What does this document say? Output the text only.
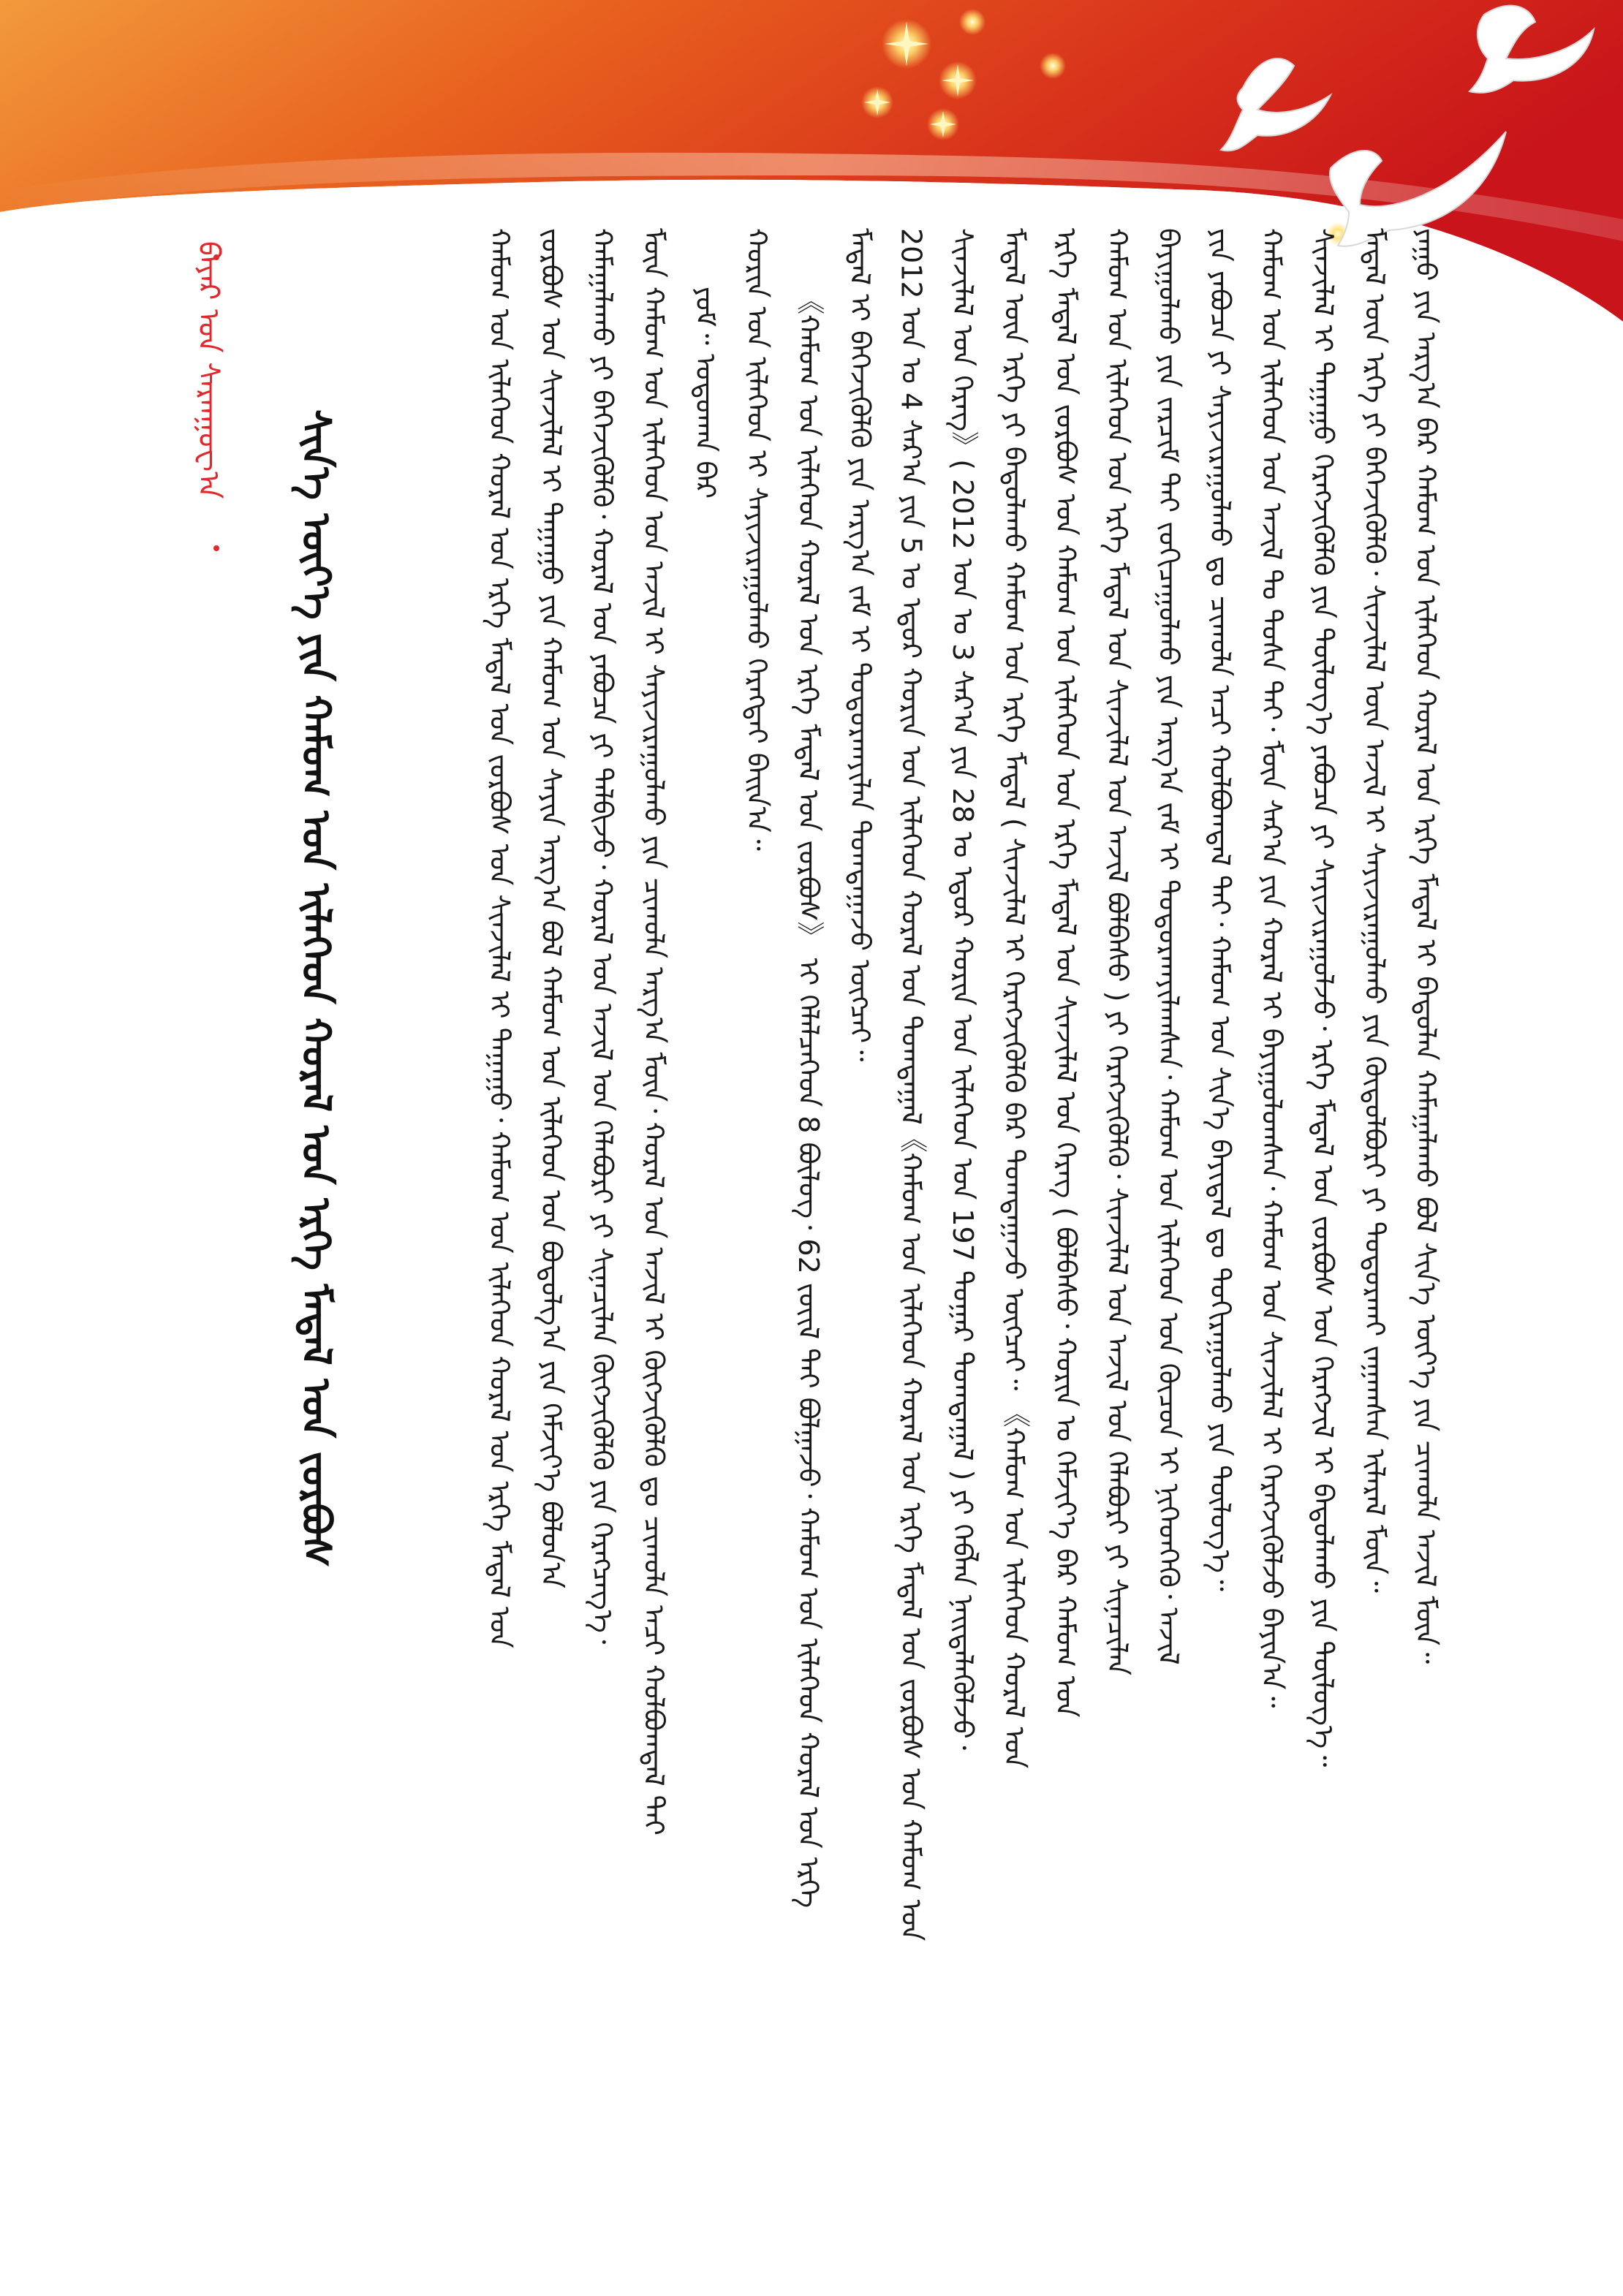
ᠬᠠᠮᠤᠭ ᠤᠨ ᠢᠯᠡᠬᠡᠳ ᠬᠤᠷᠠᠯ ᠤᠨ ᠡᠷᠬᠡ ᠮᠡᠳᠡᠯ ᠤᠨ ᠵᠤᠷᠪᠤᠰ ᠤᠨ ᠰᠢᠨᠵᠢᠯᠡᠯ ᠢ ᠳᠠᠭᠠᠭᠤ᠂ ᠬᠠᠮᠤᠭ ᠤᠨ ᠢᠯᠡᠬᠡᠳ ᠬᠤᠷᠠᠯ ᠤᠨ ᠡᠷᠬᠡ ᠮᠡᠳᠡᠯ ᠤᠨ ᠵᠤᠷᠪᠤᠰ ᠤᠨ ᠰᠢᠨᠵᠢᠯᠡᠯ ᠢ ᠳᠠᠭᠠᠭᠤ ᠶᠢᠨ ᠬᠠᠮᠤᠭ ᠤᠨ ᠰᠠᠶᠢᠨ ᠠᠷᠭ᠎ᠠ ᠪᠣᠯ ᠬᠠᠮᠤᠭ ᠤᠨ ᠢᠯᠡᠬᠡᠳ ᠤᠨ ᠪᠣᠳᠣᠯᠭ᠎ᠠ ᠶᠢᠨ ᠬᠡᠮᠵᠢᠶ᠎ᠡ ᠪᠣᠯᠤᠨ᠎ᠠ ᠬᠠᠮᠠᠭᠠᠯᠠᠬᠤ ᠶᠢ ᠪᠡᠬᠡᠵᠢᠭᠦᠯᠬᠦ᠂ ᠬᠤᠷᠠᠯ ᠤᠨ ᠶᠠᠪᠤᠴᠠ ᠶᠢ ᠲᠠᠯᠪᠢᠵᠤ᠂ ᠬᠤᠷᠠᠯ ᠤᠨ ᠠᠵᠢᠯ ᠤᠨ ᠬᠡᠯᠡᠪᠦᠷᠢ ᠶᠢ ᠰᠢᠨᠡᠴᠢᠯᠡᠨ ᠬᠦᠭᠵᠢᠭᠦᠯᠬᠦ ᠶᠢᠨ ᠬᠡᠷᠡᠭᠴᠡᠭ᠎ᠡ᠂ ᠮᠥᠨ ᠬᠠᠮᠤᠭ ᠤᠨ ᠢᠯᠡᠬᠡᠳ ᠤᠨ ᠠᠵᠢᠯ ᠢ ᠰᠠᠶᠢᠵᠢᠷᠠᠭᠤᠯᠬᠤ ᠶᠢᠨ ᠴᠢᠬᠤᠯᠠ ᠠᠷᠭ᠎ᠠ ᠮᠥᠨ᠂ ᠬᠤᠷᠠᠯ ᠤᠨ ᠠᠵᠢᠯ ᠢ ᠬᠥᠭᠵᠢᠭᠦᠯᠬᠦ ᠳᠤ ᠴᠢᠬᠤᠯᠠ ᠠᠴᠢ ᠬᠤᠯᠪᠤᠭᠳᠠᠯ ᠲᠠᠢ ᠶᠤᠮ᠃ ᠣᠳᠣᠬᠠᠨ ᠪᠠᠷ ᠬᠣᠷᠢᠨ ᠤᠨ ᠢᠯᠡᠬᠡᠳ ᠢ ᠰᠠᠶᠢᠵᠢᠷᠠᠭᠤᠯᠬᠤ ᠬᠡᠷᠡᠭᠲᠡᠢ ᠪᠠᠢᠨ᠎ᠠ᠃ 《ᠬᠠᠮᠤᠭ ᠤᠨ ᠢᠯᠡᠬᠡᠳ ᠬᠤᠷᠠᠯ ᠤᠨ ᠡᠷᠬᠡ ᠮᠡᠳᠡᠯ ᠤᠨ ᠵᠤᠷᠪᠤᠰ》 ᠢ ᠬᠡᠯᠡᠯᠴᠡᠭᠡᠳ 8 ᠪᠦᠯᠦᠭ᠂ 62 ᠵᠦᠢᠯ ᠲᠠᠢ ᠪᠣᠯᠭᠠᠵᠤ᠂ ᠬᠠᠮᠤᠭ ᠤᠨ ᠢᠯᠡᠬᠡᠳ ᠬᠤᠷᠠᠯ ᠤᠨ ᠡᠷᠬᠡ ᠮᠡᠳᠡᠯ ᠢ ᠪᠡᠬᠡᠵᠢᠭᠦᠯᠬᠦ ᠶᠢᠨ ᠠᠷᠭ᠎ᠠ ᠵᠠᠮ ᠢ ᠲᠣᠳᠣᠷᠬᠠᠶᠢᠯᠠᠨ ᠲᠣᠭᠲᠠᠭᠠᠵᠤ ᠥᠭᠴᠡᠢ᠃ 2012 ᠣᠨ ᠤ 4 ᠰᠠᠷ᠎ᠠ ᠶᠢᠨ 5 ᠤ ᠡᠳᠦᠷ ᠬᠣᠷᠢᠨ ᠤᠨ ᠢᠯᠡᠬᠡᠳ ᠬᠤᠷᠠᠯ ᠤᠨ ᠲᠣᠭᠲᠠᠭᠠᠯ《ᠬᠠᠮᠤᠭ ᠤᠨ ᠢᠯᠡᠬᠡᠳ ᠬᠤᠷᠠᠯ ᠤᠨ ᠡᠷᠬᠡ ᠮᠡᠳᠡᠯ ᠤᠨ ᠵᠤᠷᠪᠤᠰ ᠤᠨ ᠬᠠᠮᠤᠭ ᠤᠨ ᠰᠢᠨᠵᠢᠯᠡᠯ ᠤᠨ ᠬᠡᠷᠡᠭ》( 2012 ᠣᠨ ᠤ 3 ᠰᠠᠷ᠎ᠠ ᠶᠢᠨ 28 ᠤ ᠡᠳᠦᠷ ᠬᠣᠷᠢᠨ ᠤᠨ ᠢᠯᠡᠬᠡᠳ ᠤᠨ 197 ᠳᠤᠭᠠᠷ ᠲᠣᠭᠲᠠᠭᠠᠯ ) ᠶᠢ ᠬᠡᠪᠯᠡᠨ ᠨᠡᠢᠲᠡᠯᠡᠭᠦᠯᠵᠦ᠂ ᠮᠡᠳᠡᠯ ᠦᠨ ᠡᠷᠬᠡ ᠶᠢ ᠪᠠᠲᠤᠯᠠᠬᠤ ᠬᠠᠮᠤᠭ ᠤᠨ ᠡᠷᠬᠡ ᠮᠡᠳᠡᠯ ( ᠰᠢᠨᠵᠢᠯᠡᠯ ᠢ ᠬᠡᠷᠡᠭᠵᠢᠭᠦᠯᠬᠦ ᠪᠠᠷ ᠲᠣᠭᠲᠠᠭᠠᠵᠤ ᠥᠭᠴᠡᠢ᠃ 《ᠬᠠᠮᠤᠭ ᠤᠨ ᠢᠯᠡᠬᠡᠳ ᠬᠤᠷᠠᠯ ᠤᠨ ᠡᠷᠬᠡ ᠮᠡᠳᠡᠯ ᠤᠨ ᠵᠤᠷᠪᠤᠰ ᠤᠨ ᠬᠠᠮᠤᠭ ᠤᠨ ᠢᠯᠡᠬᠡᠳ ᠤᠨ ᠡᠷᠬᠡ ᠮᠡᠳᠡᠯ ᠤᠨ ᠰᠢᠨᠵᠢᠯᠡᠯ ᠤᠨ ᠬᠡᠷᠡᠭ ( ᠪᠣᠯᠪᠠᠰᠤ᠂ ᠬᠣᠷᠢᠨ ᠤ ᠬᠡᠮᠵᠢᠶ᠎ᠡ ᠪᠠᠷ ᠬᠠᠮᠤᠭ ᠤᠨ ᠬᠠᠮᠤᠭ ᠤᠨ ᠢᠯᠡᠬᠡᠳ ᠤᠨ ᠡᠷᠬᠡ ᠮᠡᠳᠡᠯ ᠤᠨ ᠰᠢᠨᠵᠢᠯᠡᠯ ᠤᠨ ᠠᠵᠢᠯ ᠪᠣᠯᠪᠠᠰᠤ ) ᠶᠢ ᠬᠡᠷᠡᠭᠵᠢᠭᠦᠯᠬᠦ᠂ ᠰᠢᠨᠵᠢᠯᠡᠯ ᠤᠨ ᠠᠵᠢᠯ ᠤᠨ ᠬᠡᠯᠡᠪᠦᠷᠢ ᠶᠢ ᠰᠢᠨᠡᠴᠢᠯᠡᠨ ᠪᠠᠶᠢᠭᠤᠯᠬᠤ ᠶᠢᠨ ᠵᠠᠷᠴᠢᠮ ᠲᠠᠢ ᠵᠣᠬᠢᠴᠠᠭᠤᠯᠬᠤ ᠶᠢᠨ ᠠᠷᠭ᠎ᠠ ᠵᠠᠮ ᠢ ᠲᠣᠳᠣᠷᠬᠠᠶᠢᠯᠠᠭᠰᠠᠨ᠂ ᠬᠠᠮᠤᠭ ᠤᠨ ᠢᠯᠡᠬᠡᠳ ᠤᠨ ᠬᠦᠴᠦᠨ ᠢ ᠨᠢᠭᠡᠳᠭᠡᠬᠦ᠂ ᠠᠵᠢᠯ ᠶᠢᠨ ᠶᠠᠪᠤᠴᠠ ᠶᠢ ᠰᠠᠶᠢᠵᠢᠷᠠᠭᠤᠯᠬᠤ ᠳᠤ ᠴᠢᠬᠤᠯᠠ ᠠᠴᠢ ᠬᠤᠯᠪᠤᠭᠳᠠᠯ ᠲᠠᠢ᠂ ᠬᠠᠮᠤᠭ ᠤᠨ ᠰᠢᠨ᠎ᠡ ᠪᠠᠶᠢᠳᠠᠯ ᠳᠤ ᠲᠣᠬᠢᠷᠠᠭᠤᠯᠬᠤ ᠶᠢᠨ ᠲᠥᠯᠦᠭ᠎ᠡ᠃ ᠬᠠᠮᠤᠭ ᠤᠨ ᠢᠯᠡᠬᠡᠳ ᠤᠨ ᠠᠵᠢᠯ ᠲᠤ ᠲᠤᠰᠠ ᠲᠠᠢ᠂ ᠮᠥᠨ ᠰᠠᠷ᠎ᠠ ᠶᠢᠨ ᠬᠤᠷᠠᠯ ᠢ ᠪᠠᠶᠢᠭᠤᠯᠤᠭᠰᠠᠨ᠂ ᠬᠠᠮᠤᠭ ᠤᠨ ᠰᠢᠨᠵᠢᠯᠡᠯ ᠢ ᠬᠡᠷᠡᠭᠵᠢᠭᠦᠯᠵᠦ ᠪᠠᠶᠢᠨ᠎ᠠ᠃ ᠰᠢᠨᠵᠢᠯᠡᠯ ᠢ ᠳᠠᠭᠠᠭᠤ ᠬᠡᠷᠡᠭᠵᠢᠭᠦᠯᠬᠦ ᠶᠢᠨ ᠲᠥᠯᠦᠭ᠎ᠡ ᠶᠠᠪᠤᠴᠠ ᠶᠢ ᠰᠠᠶᠢᠵᠢᠷᠠᠭᠤᠯᠵᠤ᠂ ᠡᠷᠬᠡ ᠮᠡᠳᠡᠯ ᠤᠨ ᠵᠤᠷᠪᠤᠰ ᠤᠨ ᠬᠡᠷᠡᠭᠵᠢᠯ ᠢ ᠪᠠᠲᠤᠯᠠᠬᠤ ᠶᠢᠨ ᠲᠥᠯᠦᠭ᠎ᠡ᠃ ᠮᠡᠳᠡᠯ ᠦᠨ ᠡᠷᠬᠡ ᠶᠢ ᠪᠡᠬᠡᠵᠢᠭᠦᠯᠬᠦ᠂ ᠰᠢᠨᠵᠢᠯᠡᠯ ᠦᠨ ᠠᠵᠢᠯ ᠢ ᠰᠠᠶᠢᠵᠢᠷᠠᠭᠤᠯᠬᠤ ᠶᠢᠨ ᠬᠥᠲᠦᠯᠪᠦᠷᠢ ᠶᠢ ᠲᠤᠳᠤᠷᠬᠠᠢ ᠵᠠᠭᠠᠭᠰᠠᠨ ᠢᠯᠡᠷᠡᠯ ᠮᠥᠨ᠃ ᠶᠠᠭᠤ ᠶᠢᠨ ᠠᠷᠭ᠎ᠠ ᠪᠠᠷ ᠬᠠᠮᠤᠭ ᠤᠨ ᠢᠯᠡᠬᠡᠳ ᠬᠤᠷᠠᠯ ᠤᠨ ᠡᠷᠬᠡ ᠮᠡᠳᠡᠯ ᠢ ᠪᠠᠲᠤᠯᠠᠨ ᠬᠠᠮᠠᠭᠠᠯᠠᠬᠤ ᠪᠣᠯ ᠰᠢᠨ᠎ᠡ ᠦᠶ᠎ᠡ ᠶᠢᠨ ᠴᠢᠬᠤᠯᠠ ᠠᠵᠢᠯ ᠮᠥᠨ᠃
ᠰᠢᠨ᠎ᠡ ᠦᠶ᠎ᠡ ᠶᠢᠨ ᠬᠠᠮᠤᠭ ᠤᠨ ᠢᠯᠡᠬᠡᠳ ᠬᠤᠷᠠᠯ ᠤᠨ ᠡᠷᠬᠡ ᠮᠡᠳᠡᠯ ᠤᠨ ᠵᠤᠷᠪᠤᠰ
ᠪᠠᠶᠠᠷ ᠤᠨ ᠰᠠᠷᠠᠨᠭᠤᠸ᠎ᠠ
